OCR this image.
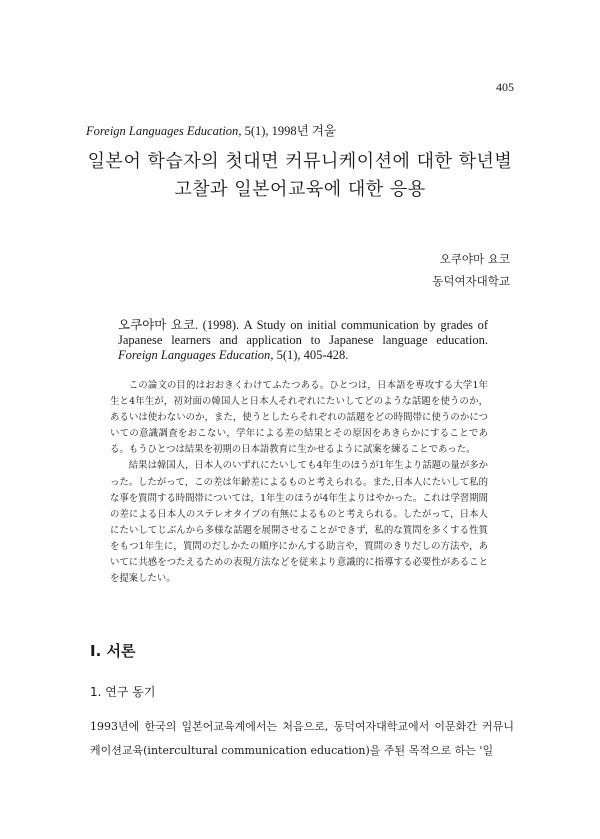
405
Foreign Languages Education, 5(1), 1998년 겨울
일본어 학습자의 첫대면 커뮤니케이션에 대한 학년별
고찰과 일본어교육에 대한 응용
오쿠야마 요코
동덕여자대학교
오쿠야마 요코. (1998). A Study on initial communication by grades of Japanese learners and application to Japanese language education. Foreign Languages Education, 5(1), 405-428.

この論文の目的はおおきくわけてふたつある。ひとつは，日本語を専攻する大学1年生と4年生が，初対面の韓国人と日本人それぞれにたいしてどのような話題を使うのか，あるいは使わないのか，また，使うとしたらそれぞれの話題をどの時間帯に使うのかについての意識調査をおこない，学年による差の結果とその原因をあきらかにすることである。もうひとつは結果を初期の日本語教育に生かせるように試案を練ることであった。

結果は韓国人，日本人のいずれにたいしても4年生のほうが1年生より話題の量が多かった。したがって，この差は年齢差によるものと考えられる。また,日本人にたいして私的な事を質問する時間帯については，1年生のほうが4年生よりはやかった。これは学習期間の差による日本人のステレオタイプの有無によるものと考えられる。したがって，日本人にたいしてじぶんから多様な話題を展開させることができず，私的な質問を多くする性質をもつ1年生に，質問のだしかたの順序にかんする助言や，質問のきりだしの方法や，あいてに共感をつたえるための表現方法などを従来より意識的に指導する必要性があることを提案したい。

Ⅰ. 서론
1. 연구 동기

1993년에 한국의 일본어교육계에서는 처음으로, 동덕여자대학교에서 이문화간 커뮤니케이션교육(intercultural communication education)을 주된 목적으로 하는 '일
